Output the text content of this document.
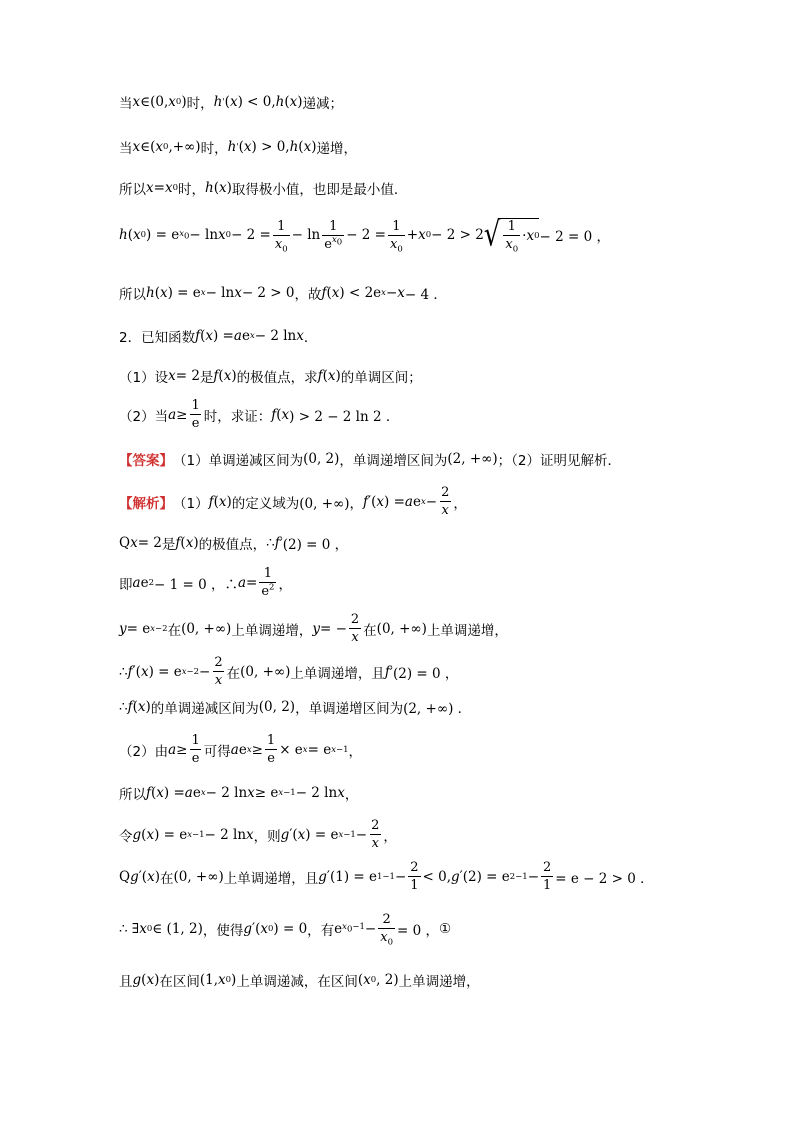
当 x ∈ (0, x 0 ) 时， h ' ( x ) < 0, h ( x ) 递减；
当 x ∈ ( x 0 ,+∞) 时， h ' ( x ) > 0, h ( x ) 递增，
所以 x = x 0 时， h ( x ) 取得极小值，也即是最小值．
h ( x 0 ) = e $x_0 - \ln x$ $0 - 2 = \frac{1}{x_0} - \ln \frac{1}{e^{x_0}} - 2 = \frac{1}{x_0} + x$ 0 − 2 > 2 √ $\frac{1}{x_0} \cdot x$ 0 − 2 = 0 ，
所以 h ( x ) = e x − ln x − 2 > 0 ，故 f ( x ) < 2e x − x − 4 ．
2．已知函数 f ( x ) = a e x − 2 ln x ．
（1）设 x = 2 是 f ( x ) 的极值点，求 f ( x ) 的单调区间；
（2）当 $a \ge \frac{1}{e}$ 时，求证： f ( x ) > 2 − 2 ln 2 ．
【答案】 （1）单调递减区间为 (0, 2) ，单调递增区间为 (2, +∞) ；（2）证明见解析．
【解析】 （1） f ( x ) 的定义域为 (0, +∞)， f ′( x ) = a e $x - \frac{2}{x}$ ，
Q x = 2 是 f ( x ) 的极值点， ∴ f ′(2) = 0 ，
即 a e 2 − 1 = 0 ，∴ $a = \frac{1}{e^2}$ ，
y = e x−2 在 (0, +∞) 上单调递增， y = − $\frac{2}{x}$ 在 (0, +∞) 上单调递增，
∴ f ′( x ) = e $x-2 - \frac{2}{x}$ 在 (0, +∞) 上单调递增，且 f ′(2) = 0 ，
∴ f ( x ) 的单调递减区间为 (0, 2) ，单调递增区间为 (2, +∞) ．
（2）由 $a \ge \frac{1}{e}$ 可得 a e $x \ge \frac{1}{e} \times e$ x = e x−1 ，
所以 f ( x ) = a e x − 2 ln x ≥ e x−1 − 2 ln x ，
令 g ( x ) = e x−1 − 2 ln x ，则 g ′( x ) = e $x-1 - \frac{2}{x}$ ，
Q g ′( x ) 在 (0, +∞) 上单调递增，且 g ′(1) = e $1-1 - \frac{2}{1} < 0$, g ′(2) = e $2-1 - \frac{2}{1} = e - 2 > 0$ ．
∴ ∃ x 0 ∈ (1, 2) ，使得 g ′( x 0 ) = 0 ，有 e $x_0-1 - \frac{2}{x_0} = 0$ ， ①
且 g ( x ) 在区间 (1, x 0 ) 上单调递减，在区间 ( x 0 , 2) 上单调递增，
